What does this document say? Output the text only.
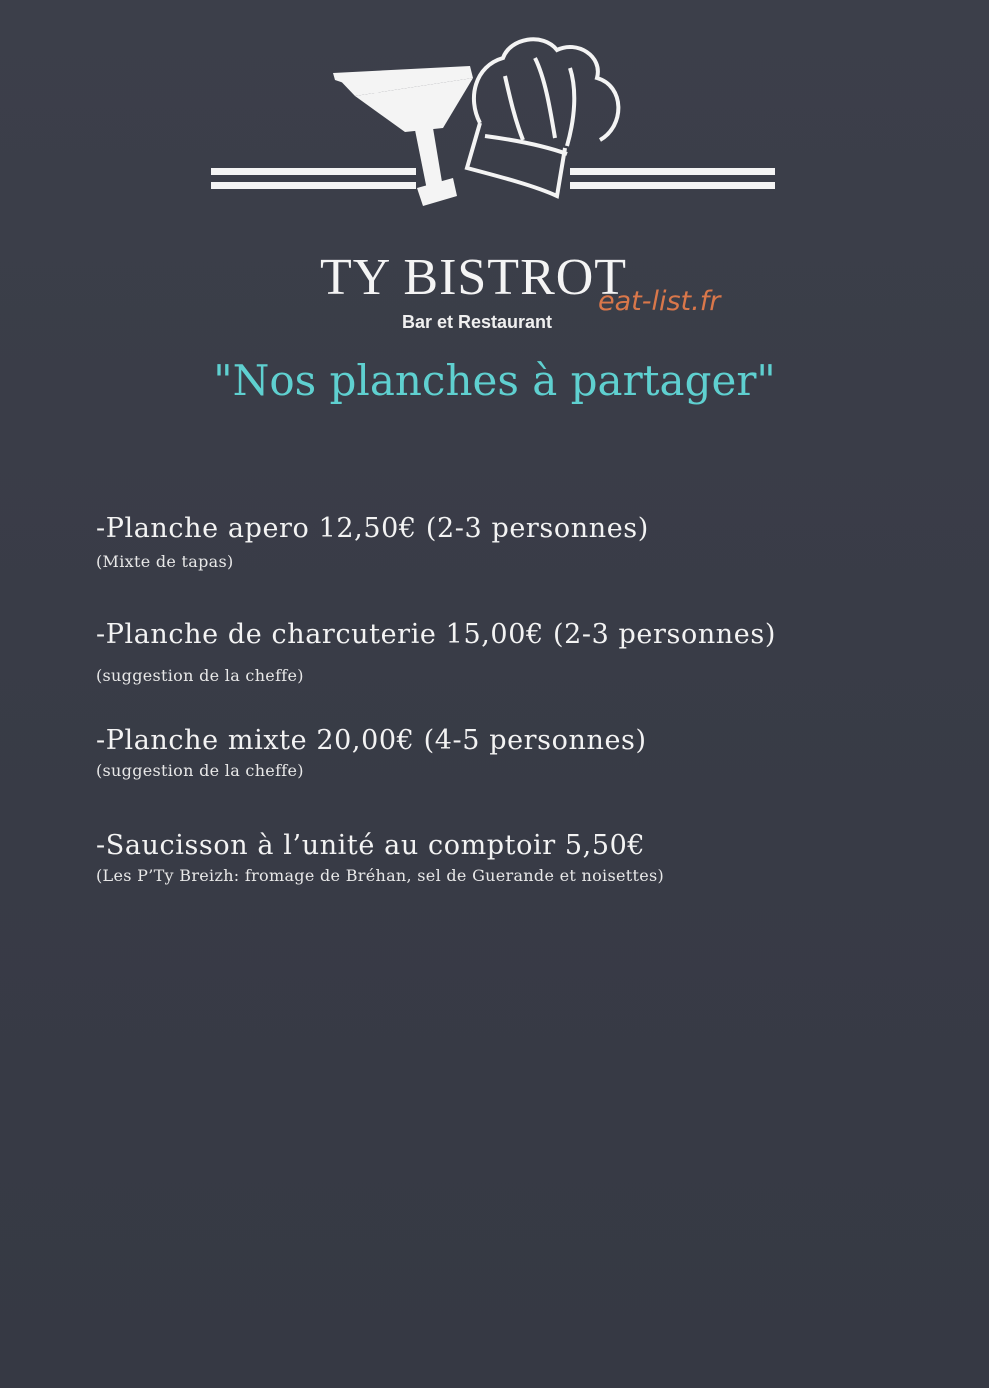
TY BISTROT
eat-list.fr
Bar et Restaurant
"Nos planches à partager"
-Planche apero 12,50€ (2-3 personnes)
(Mixte de tapas)
-Planche de charcuterie 15,00€ (2-3 personnes)
(suggestion de la cheffe)
-Planche mixte 20,00€ (4-5 personnes)
(suggestion de la cheffe)
-Saucisson à l’unité au comptoir 5,50€
(Les P’Ty Breizh: fromage de Bréhan, sel de Guerande et noisettes)
